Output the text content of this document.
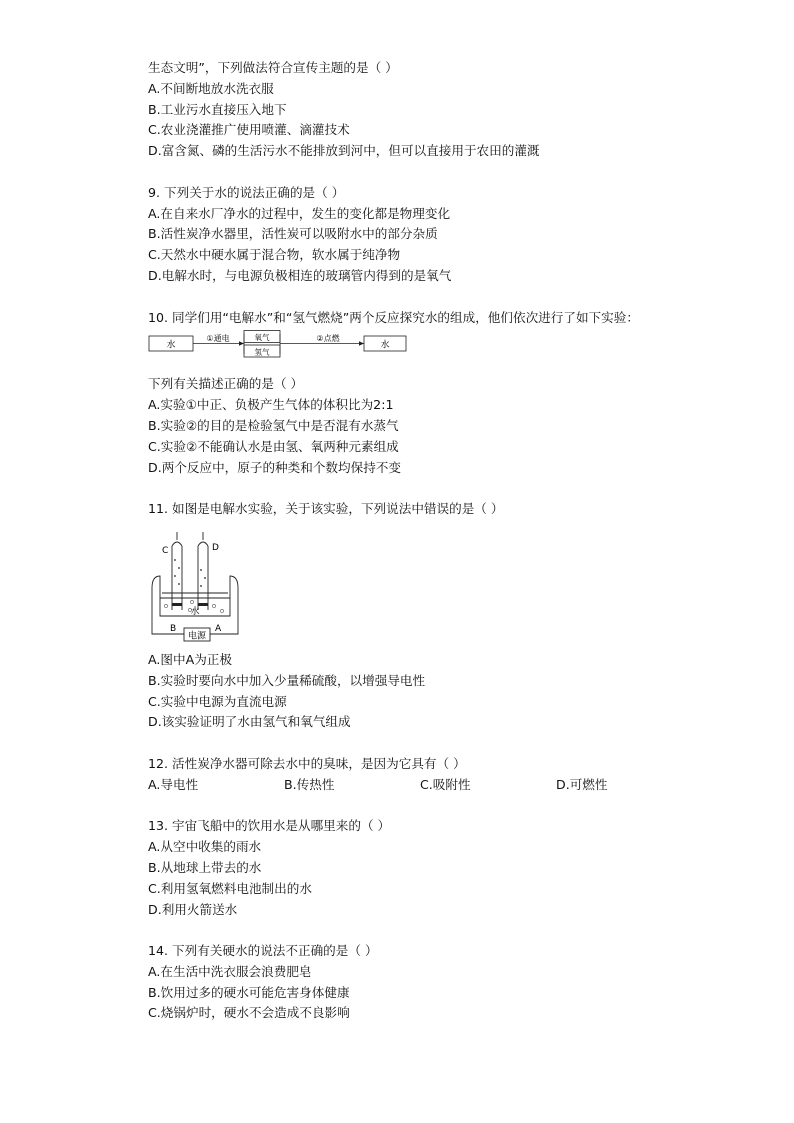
生态文明”，下列做法符合宣传主题的是（ ）
A.不间断地放水洗衣服
B.工业污水直接压入地下
C.农业浇灌推广使用喷灌、滴灌技术
D.富含氮、磷的生活污水不能排放到河中，但可以直接用于农田的灌溉
9. 下列关于水的说法正确的是（ ）
A.在自来水厂净水的过程中，发生的变化都是物理变化
B.活性炭净水器里，活性炭可以吸附水中的部分杂质
C.天然水中硬水属于混合物，软水属于纯净物
D.电解水时，与电源负极相连的玻璃管内得到的是氧气
10. 同学们用“电解水”和“氢气燃烧”两个反应探究水的组成，他们依次进行了如下实验：
水
①通电	氧气
氢气
②点燃
水
下列有关描述正确的是（ ）
A.实验①中正、负极产生气体的体积比为2:1
B.实验②的目的是检验氢气中是否混有水蒸气
C.实验②不能确认水是由氢、氧两种元素组成
D.两个反应中，原子的种类和个数均保持不变
11. 如图是电解水实验，关于该实验，下列说法中错误的是（ ）
C	D
水
B	A
电源
A.图中A为正极
B.实验时要向水中加入少量稀硫酸，以增强导电性
C.实验中电源为直流电源
D.该实验证明了水由氢气和氧气组成
12. 活性炭净水器可除去水中的臭味，是因为它具有（ ）
A.导电性	B.传热性	C.吸附性	D.可燃性
13. 宇宙飞船中的饮用水是从哪里来的（ ）
A.从空中收集的雨水
B.从地球上带去的水
C.利用氢氧燃料电池制出的水
D.利用火箭送水
14. 下列有关硬水的说法不正确的是（ ）
A.在生活中洗衣服会浪费肥皂
B.饮用过多的硬水可能危害身体健康
C.烧锅炉时，硬水不会造成不良影响
